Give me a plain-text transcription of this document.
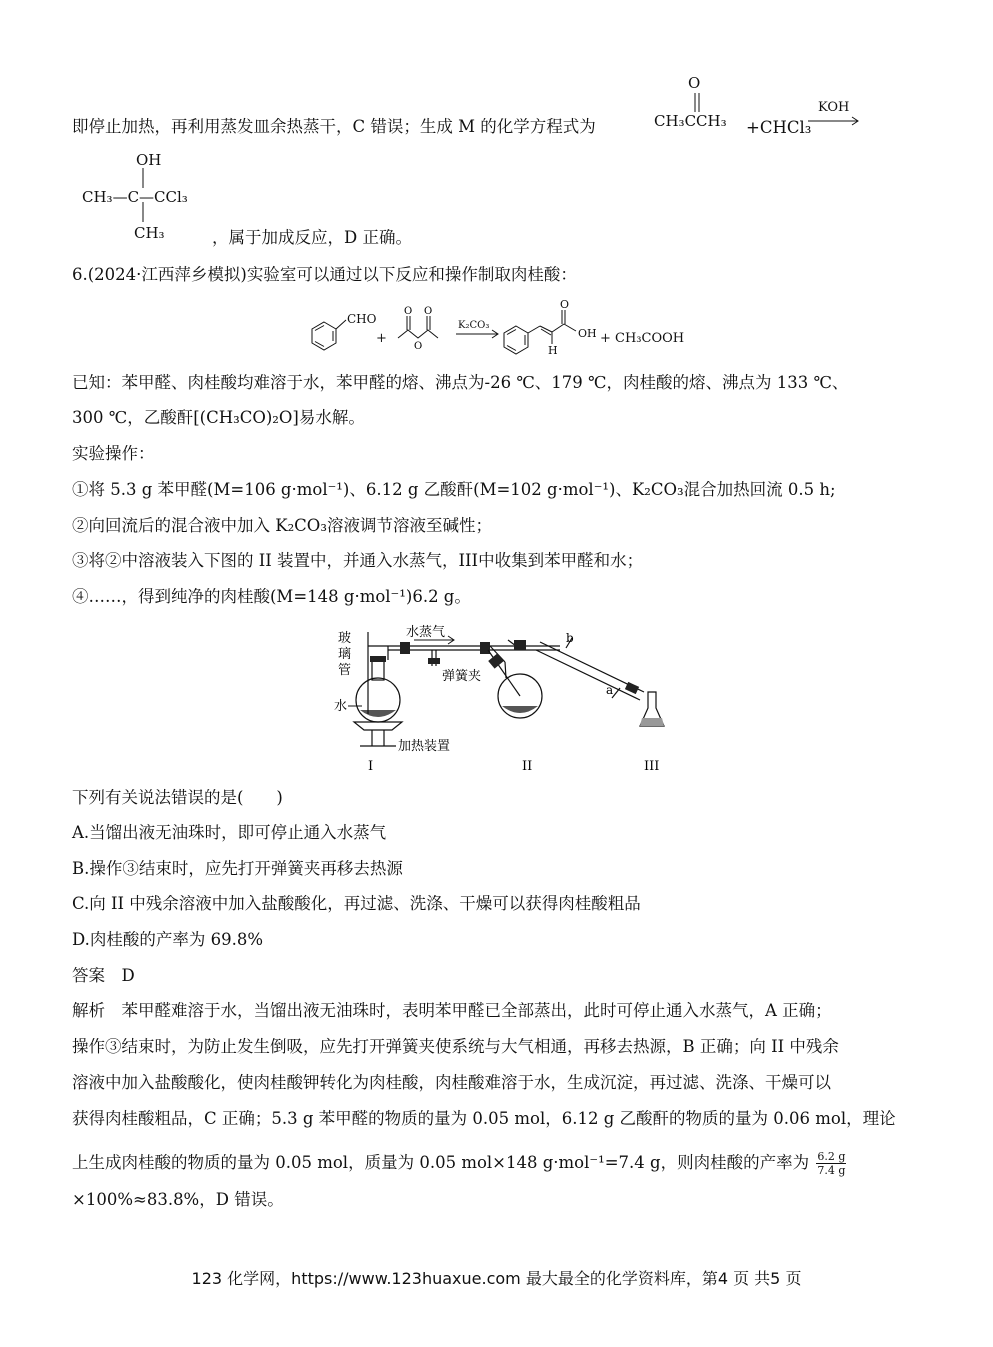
即停止加热，再利用蒸发皿余热蒸干，C 错误；生成 M 的化学方程式为
O
CH₃CCH₃ +CHCl₃
KOH
OH
CH₃—C—CCl₃
CH₃	，属于加成反应，D 正确。
6.(2024·江西萍乡模拟)实验室可以通过以下反应和操作制取肉桂酸：
O O
O
CHO
+
K₂CO₃
O
OH
H
+ CH₃COOH
已知：苯甲醛、肉桂酸均难溶于水，苯甲醛的熔、沸点为-26 ℃、179 ℃，肉桂酸的熔、沸点为 133 ℃、
300 ℃，乙酸酐[(CH₃CO)₂O]易水解。
实验操作：
①将 5.3 g 苯甲醛(M=106 g·mol⁻¹)、6.12 g 乙酸酐(M=102 g·mol⁻¹)、K₂CO₃混合加热回流 0.5 h;
②向回流后的混合液中加入 K₂CO₃溶液调节溶液至碱性；
③将②中溶液装入下图的 II 装置中，并通入水蒸气，III中收集到苯甲醛和水；
④……，得到纯净的肉桂酸(M=148 g·mol⁻¹)6.2 g。
玻
璃
管
水蒸气
弹簧夹
水
加热装置
b
a
I	II	III
下列有关说法错误的是(　　)
A.当馏出液无油珠时，即可停止通入水蒸气
B.操作③结束时，应先打开弹簧夹再移去热源
C.向 II 中残余溶液中加入盐酸酸化，再过滤、洗涤、干燥可以获得肉桂酸粗品
D.肉桂酸的产率为 69.8%
答案　D
解析　苯甲醛难溶于水，当馏出液无油珠时，表明苯甲醛已全部蒸出，此时可停止通入水蒸气，A 正确；
操作③结束时，为防止发生倒吸，应先打开弹簧夹使系统与大气相通，再移去热源，B 正确；向 II 中残余
溶液中加入盐酸酸化，使肉桂酸钾转化为肉桂酸，肉桂酸难溶于水，生成沉淀，再过滤、洗涤、干燥可以
获得肉桂酸粗品，C 正确；5.3 g 苯甲醛的物质的量为 0.05 mol，6.12 g 乙酸酐的物质的量为 0.06 mol，理论
上生成肉桂酸的物质的量为 0.05 mol，质量为 0.05 mol×148 g·mol⁻¹=7.4 g，则肉桂酸的产率为 $\frac{6.2 g}{7.4 g}$
×100%≈83.8%，D 错误。
123 化学网，https://www.123huaxue.com 最大最全的化学资料库，第4 页 共5 页
